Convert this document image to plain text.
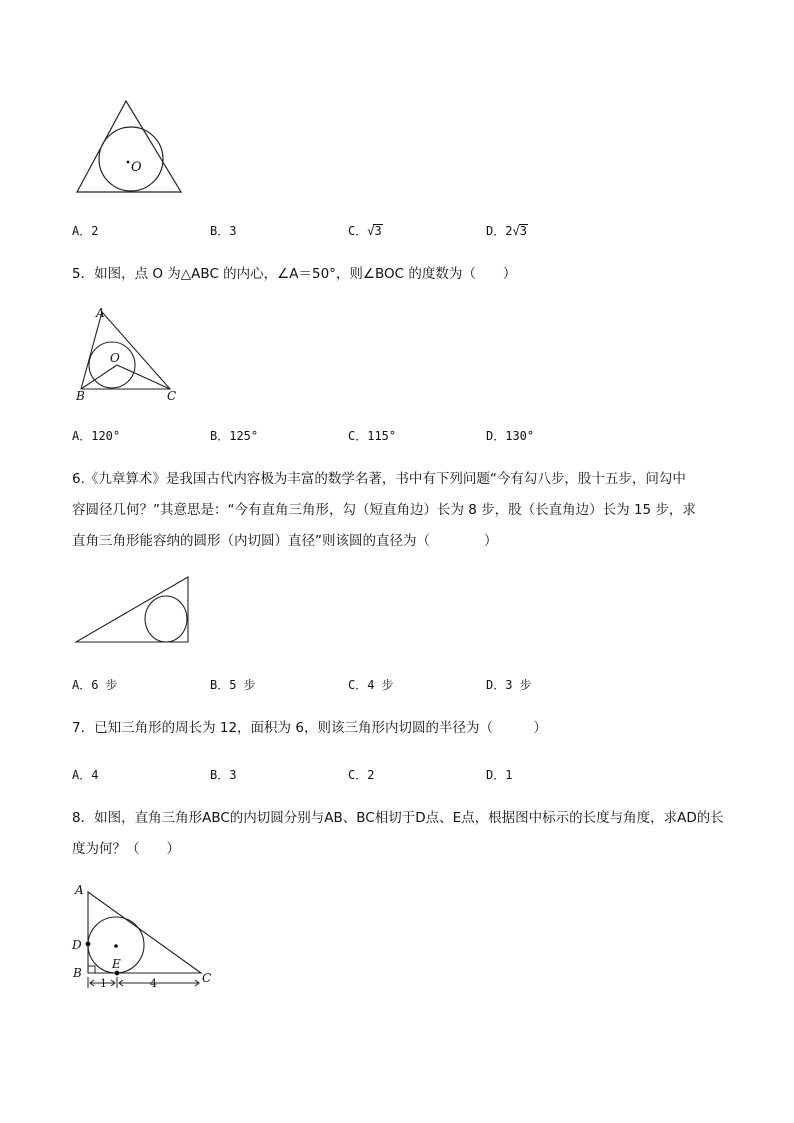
O
A．2	B．3	C．√3	D．2√3
5．如图，点 O 为△ABC 的内心，∠A＝50°，则∠BOC 的度数为（　　）
A
O
B	C
A．120°	B．125°	C．115°	D．130°
6.《九章算术》是我国古代内容极为丰富的数学名著，书中有下列问题“今有勾八步，股十五步，问勾中
容圆径几何？”其意思是：“今有直角三角形，勾（短直角边）长为 8 步，股（长直角边）长为 15 步，求
直角三角形能容纳的圆形（内切圆）直径”则该圆的直径为（　　　　）
A．6 步	B．5 步	C．4 步	D．3 步
7．已知三角形的周长为 12，面积为 6，则该三角形内切圆的半径为（　　　）
A．4	B．3	C．2	D．1
8．如图，直角三角形ABC的内切圆分别与AB、BC相切于D点、E点，根据图中标示的长度与角度，求AD的长
度为何？（　　）
A
D
B
E
C
1	4
